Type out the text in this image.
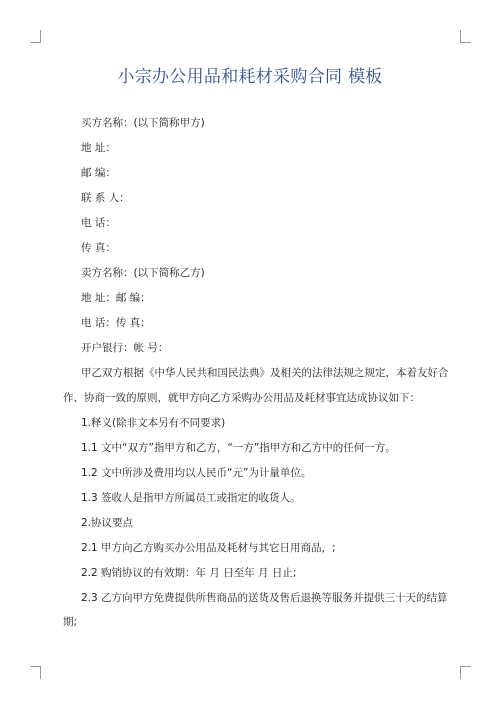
小宗办公用品和耗材采购合同 模板
买方名称：(以下简称甲方)
地 址：
邮 编：
联 系 人：
电 话：
传 真：
卖方名称：(以下简称乙方)
地 址：邮 编：
电 话：传 真：
开户银行：帐 号：
甲乙双方根据《中华人民共和国民法典》及相关的法律法规之规定，本着友好合
作、协商一致的原则，就甲方向乙方采购办公用品及耗材事宜达成协议如下：
1.释义(除非文本另有不同要求)
1.1 文中“双方”指甲方和乙方，“一方”指甲方和乙方中的任何一方。
1.2 文中所涉及费用均以人民币“元”为计量单位。
1.3 签收人是指甲方所属员工或指定的收货人。
2.协议要点
2.1 甲方向乙方购买办公用品及耗材与其它日用商品，;
2.2 购销协议的有效期：年 月 日至年 月 日止;
2.3 乙方向甲方免费提供所售商品的送货及售后退换等服务并提供三十天的结算
期;
